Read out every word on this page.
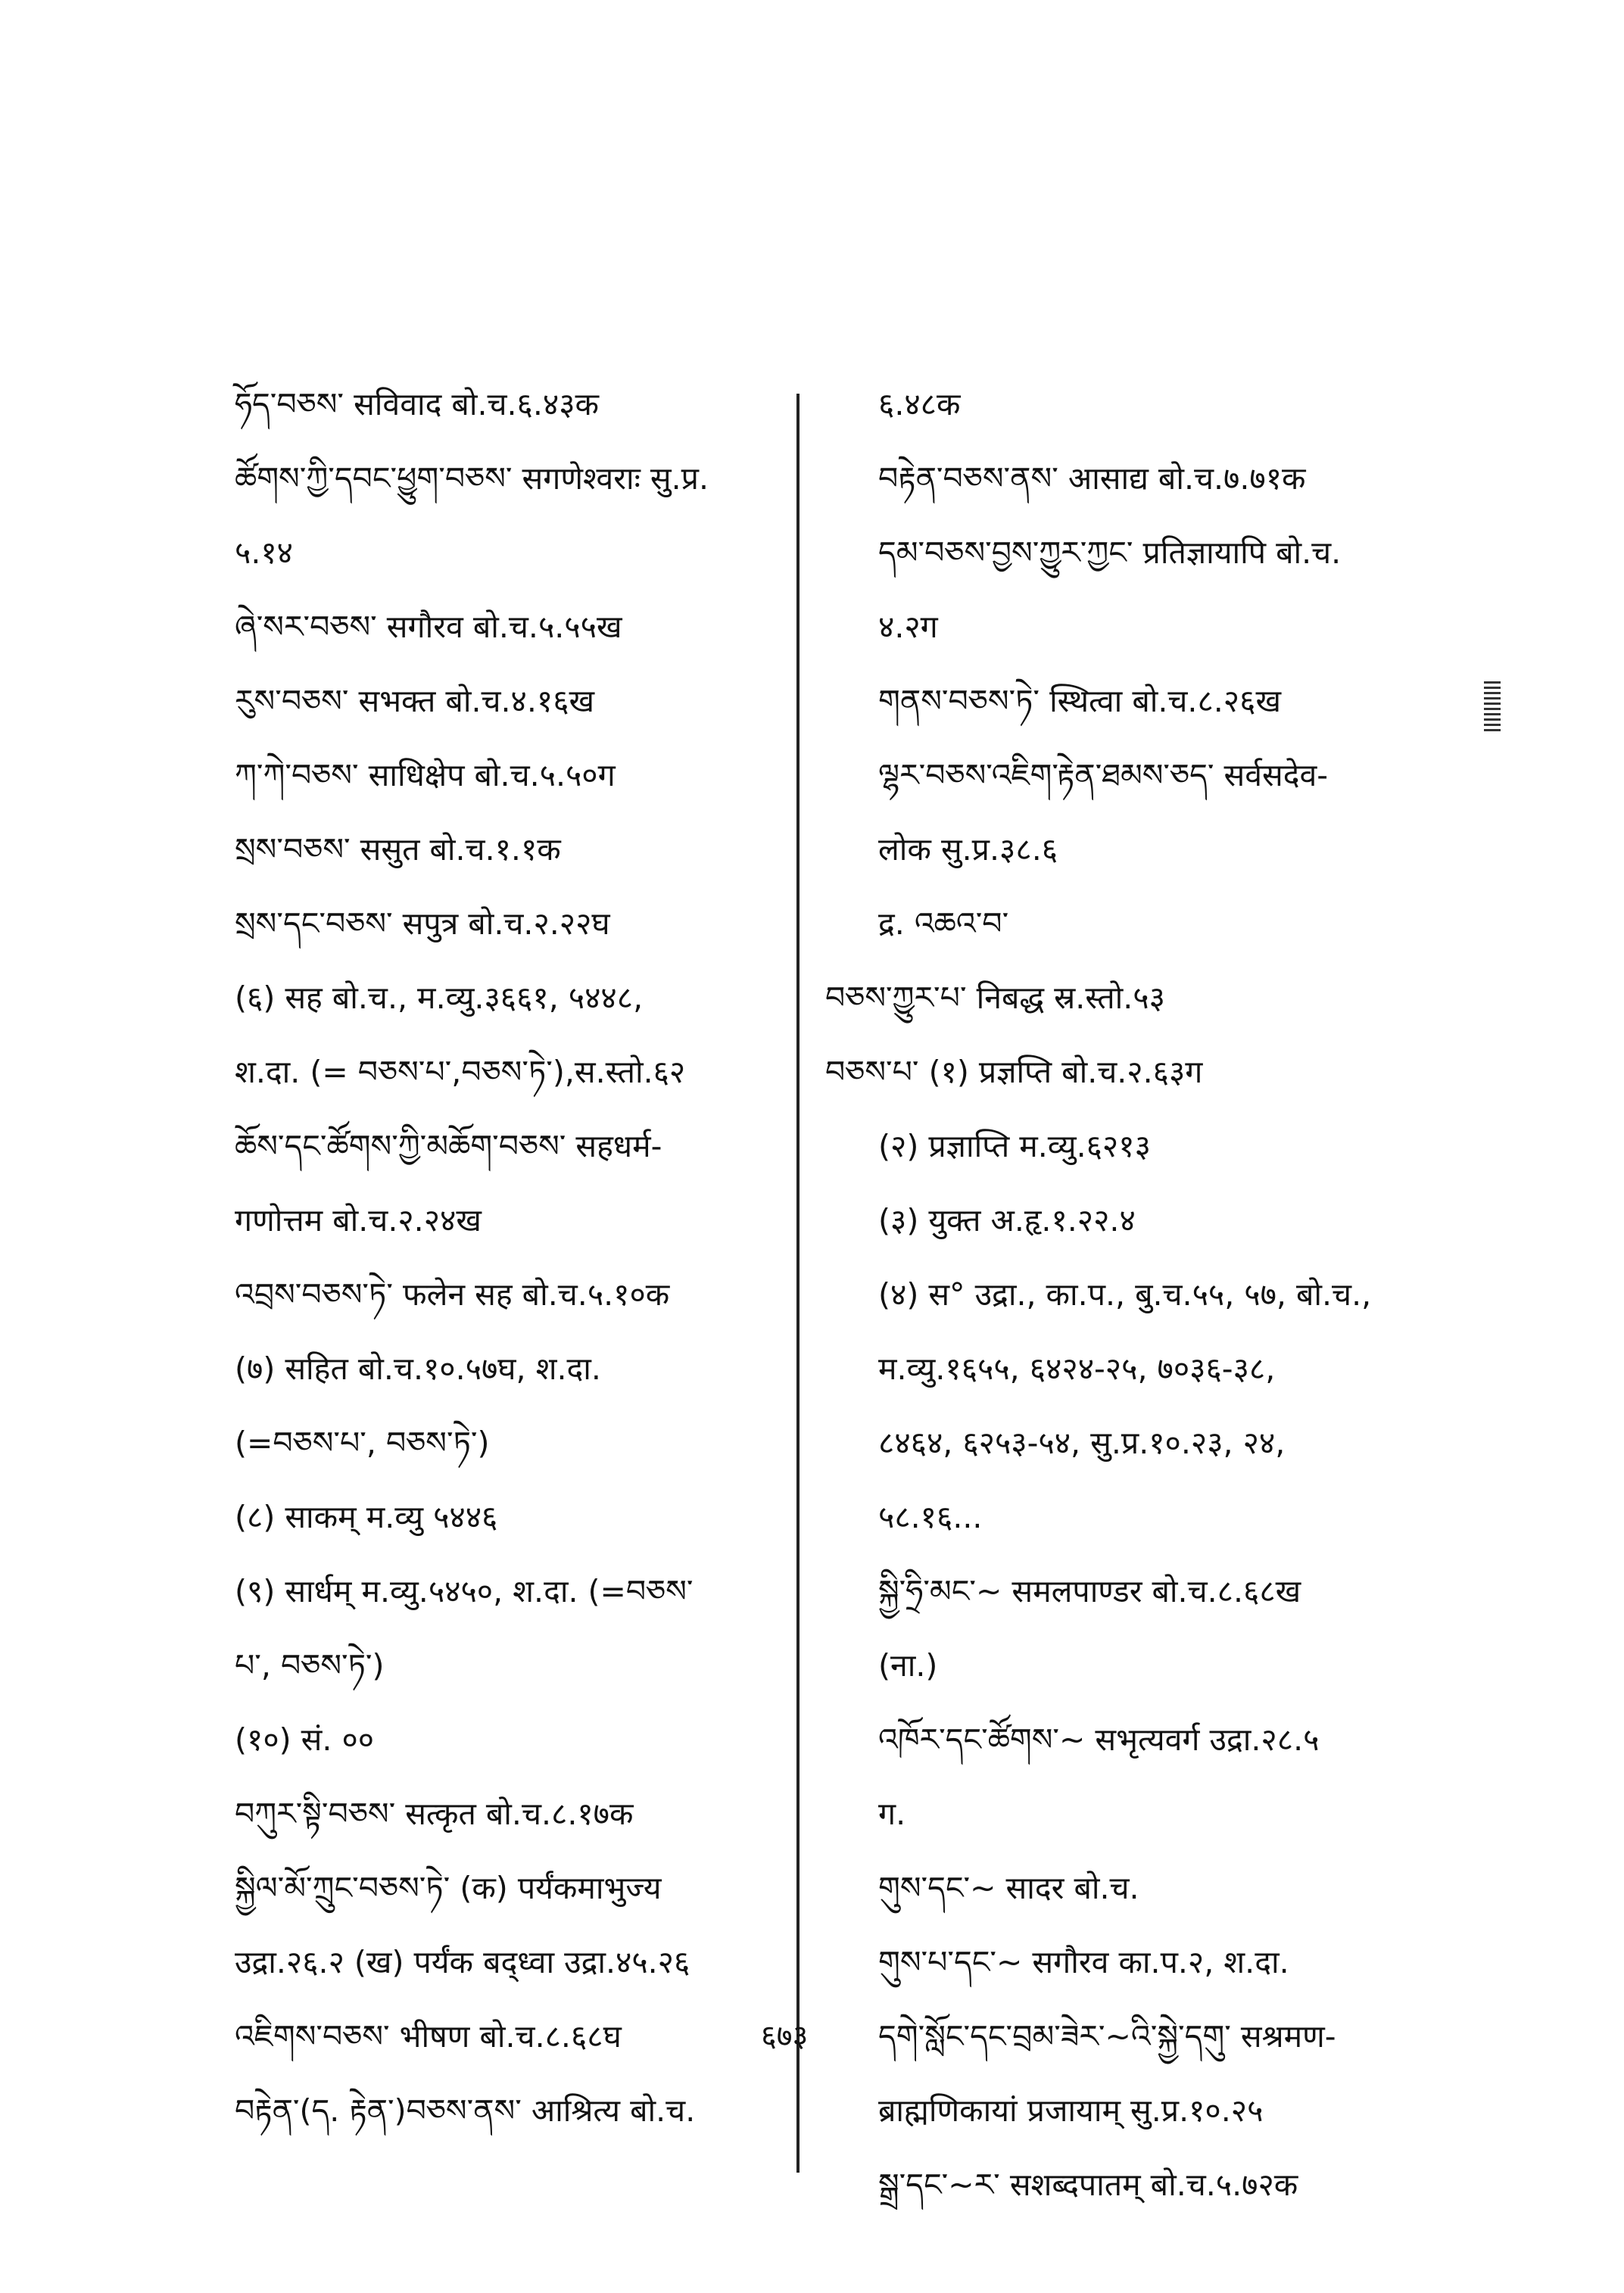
ཧོད་བཅས་ सविवाद बो.च.६.४३क
ཚོགས་ཀྱི་དབང་ཕྱུག་བཅས་ सगणेश्वराः सु.प्र.
५.१४
ཞེ་སར་བཅས་ सगौरव बो.च.५.५५ख
རུས་བཅས་ सभक्त बो.च.४.१६ख
ཀ་ཀེ་བཅས་ साधिक्षेप बो.च.५.५०ग
སྲས་བཅས་ ससुत बो.च.१.१क
སྲས་དང་བཅས་ सपुत्र बो.च.२.२२घ
(६) सह बो.च., म.व्यु.३६६१, ५४४८,
श.दा. (= བཅས་པ་,བཅས་ཏེ་),स.स्तो.६२
ཆོས་དང་ཚོགས་ཀྱི་མཆོག་བཅས་ सहधर्म-
गणोत्तम बो.च.२.२४ख
འབྲས་བཅས་ཏེ་ फलेन सह बो.च.५.१०क
(७) सहित बो.च.१०.५७घ, श.दा.
(=བཅས་པ་, བཅས་ཏེ་)
(८) साकम् म.व्यु ५४४६
(९) सार्धम् म.व्यु.५४५०, श.दा. (=བཅས་
པ་, བཅས་ཏེ་)
(१०) सं. ००
བཀུར་སྟི་བཅས་ सत्कृत बो.च.८.१७क
སྐྱིལ་མོ་ཀྲུང་བཅས་ཏེ་ (क) पर्यंकमाभुज्य
उद्रा.२६.२ (ख) पर्यंक बद्ध्वा उद्रा.४५.२६
འཇིགས་བཅས་ भीषण बो.च.८.६८घ
བརྟེན་(ད. རྟེན་)བཅས་ནས་ आश्रित्य बो.च.
६.४८क
བརྟེན་བཅས་ནས་ आसाद्य बो.च.७.७१क
དམ་བཅས་བྱས་ཀྱུར་ཀྱང་ प्रतिज्ञायापि बो.च.
४.२ग
གནས་བཅས་ཏེ་ स्थित्वा बो.च.८.२६ख
ལྷར་བཅས་འཇིག་རྟེན་ཐམས་ཅད་ सर्वसदेव-
लोक सु.प्र.३८.६
द्र. འཆའ་བ་
བཅས་ཀྱུར་པ་ निबद्ध स्र.स्तो.५३
བཅས་པ་ (१) प्रज्ञप्ति बो.च.२.६३ग
(२) प्रज्ञाप्ति म.व्यु.६२१३
(३) युक्त अ.हृ.१.२२.४
(४) स° उद्रा., का.प., बु.च.५५, ५७, बो.च.,
म.व्यु.१६५५, ६४२४-२५, ७०३६-३८,
८४६४, ६२५३-५४, सु.प्र.१०.२३, २४,
५८.१६...
སྐྱི་ཧྲི་མང་~ समलपाण्डर बो.च.८.६८ख
(ना.)
འཁོར་དང་ཚོགས་~ सभृत्यवर्ग उद्रा.२८.५
ग.
གུས་དང་~ सादर बो.च.
གུས་པ་དང་~ सगौरव का.प.२, श.दा.
དགེ་སློང་དང་བྲམ་ཟེར་~འི་སྐྱེ་དགུ་ सश्रमण-
ब्राह्मणिकायां प्रजायाम् सु.प्र.१०.२५
སྒྲ་དང་~ར་ सशब्दपातम् बो.च.५.७२क
६७३
